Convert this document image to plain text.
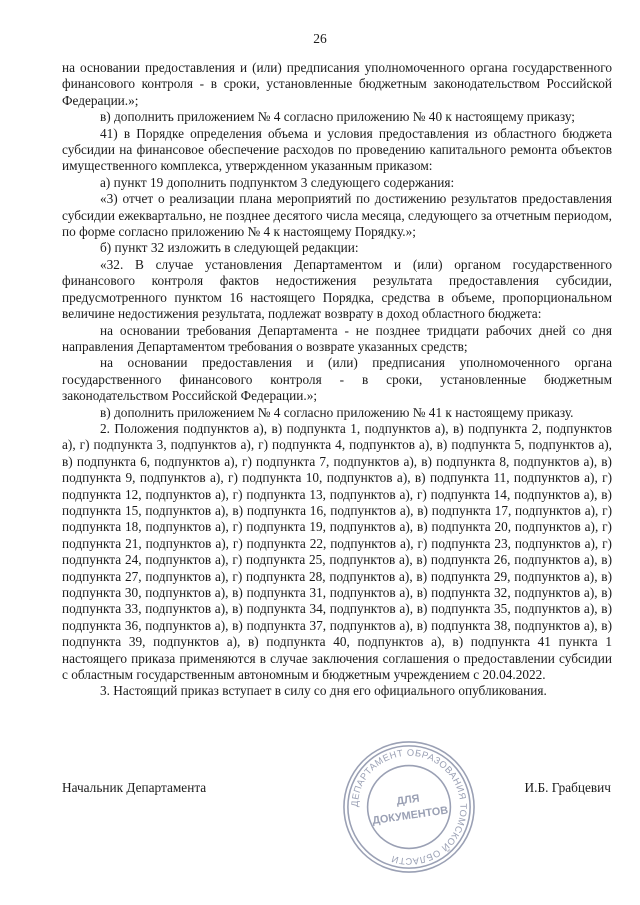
26

на основании предоставления и (или) предписания уполномоченного органа государственного финансового контроля - в сроки, установленные бюджетным законодательством Российской Федерации.»;

в) дополнить приложением № 4 согласно приложению № 40 к настоящему приказу;

41) в Порядке определения объема и условия предоставления из областного бюджета субсидии на финансовое обеспечение расходов по проведению капитального ремонта объектов имущественного комплекса, утвержденном указанным приказом:

а) пункт 19 дополнить подпунктом 3 следующего содержания:

«3) отчет о реализации плана мероприятий по достижению результатов предоставления субсидии ежеквартально, не позднее десятого числа месяца, следующего за отчетным периодом, по форме согласно приложению № 4 к настоящему Порядку.»;

б) пункт 32 изложить в следующей редакции:

«32. В случае установления Департаментом и (или) органом государственного финансового контроля фактов недостижения результата предоставления субсидии, предусмотренного пунктом 16 настоящего Порядка, средства в объеме, пропорциональном величине недостижения результата, подлежат возврату в доход областного бюджета:

на основании требования Департамента - не позднее тридцати рабочих дней со дня направления Департаментом требования о возврате указанных средств;

на основании предоставления и (или) предписания уполномоченного органа государственного финансового контроля - в сроки, установленные бюджетным законодательством Российской Федерации.»;

в) дополнить приложением № 4 согласно приложению № 41 к настоящему приказу.

2. Положения подпунктов а), в) подпункта 1, подпунктов а), в) подпункта 2, подпунктов а), г) подпункта 3, подпунктов а), г) подпункта 4, подпунктов а), в) подпункта 5, подпунктов а), в) подпункта 6, подпунктов а), г) подпункта 7, подпунктов а), в) подпункта 8, подпунктов а), в) подпункта 9, подпунктов а), г) подпункта 10, подпунктов а), в) подпункта 11, подпунктов а), г) подпункта 12, подпунктов а), г) подпункта 13, подпунктов а), г) подпункта 14, подпунктов а), в) подпункта 15, подпунктов а), в) подпункта 16, подпунктов а), в) подпункта 17, подпунктов а), г) подпункта 18, подпунктов а), г) подпункта 19, подпунктов а), в) подпункта 20, подпунктов а), г) подпункта 21, подпунктов а), г) подпункта 22, подпунктов а), г) подпункта 23, подпунктов а), г) подпункта 24, подпунктов а), г) подпункта 25, подпунктов а), в) подпункта 26, подпунктов а), в) подпункта 27, подпунктов а), г) подпункта 28, подпунктов а), в) подпункта 29, подпунктов а), в) подпункта 30, подпунктов а), в) подпункта 31, подпунктов а), в) подпункта 32, подпунктов а), в) подпункта 33, подпунктов а), в) подпункта 34, подпунктов а), в) подпункта 35, подпунктов а), в) подпункта 36, подпунктов а), в) подпункта 37, подпунктов а), в) подпункта 38, подпунктов а), в) подпункта 39, подпунктов а), в) подпункта 40, подпунктов а), в) подпункта 41 пункта 1 настоящего приказа применяются в случае заключения соглашения о предоставлении субсидии с областным государственным автономным и бюджетным учреждением с 20.04.2022.

3. Настоящий приказ вступает в силу со дня его официального опубликования.

Начальник Департамента	И.Б. Грабцевич
ДЕПАРТАМЕНТ ОБРАЗОВАНИЯ ТОМСКОЙ ОБЛАСТИ
ДЛЯ
ДОКУМЕНТОВ
